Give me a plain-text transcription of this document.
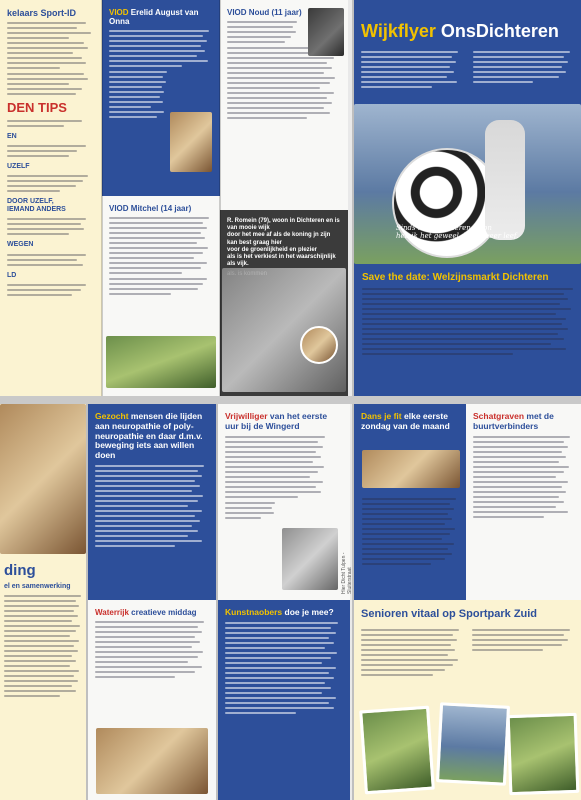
kelaars Sport-ID
DEN TIPS
EN
UZELF
DOOR UZELF,
IEMAND ANDERS
WEGEN
LD
VIOD Erelid August van Onna
VIOD Mitchel (14 jaar)
VIOD Noud (11 jaar)
R. Romein (79), woon in Dichteren en is van mooie wijk
door het mee af als de koning jn zijn
kan best graag hier
voor de groenlijkheid en plezier
als is het verkiest in het waarschijnlijk als vijk.
Wijkflyer OnsDichteren
Sinds ik in Dichteren woon
heb ik het geweel dat ik weer leef.
Save the date: Welzijnsmarkt Dichteren
ding
el en samenwerking
Gezocht mensen die lijden aan neuropathie of poly-neuropathie en daar d.m.v. beweging iets aan willen doen
Waterrijk creatieve middag
Vrijwilliger van het eerste uur bij de Wingerd
Hier Dicht Tulpen - Sluiterstraat
Kunstnaobers doe je mee?
Dans je fit elke eerste zondag van de maand
Schatgraven met de buurtverbinders
Senioren vitaal op Sportpark Zuid
